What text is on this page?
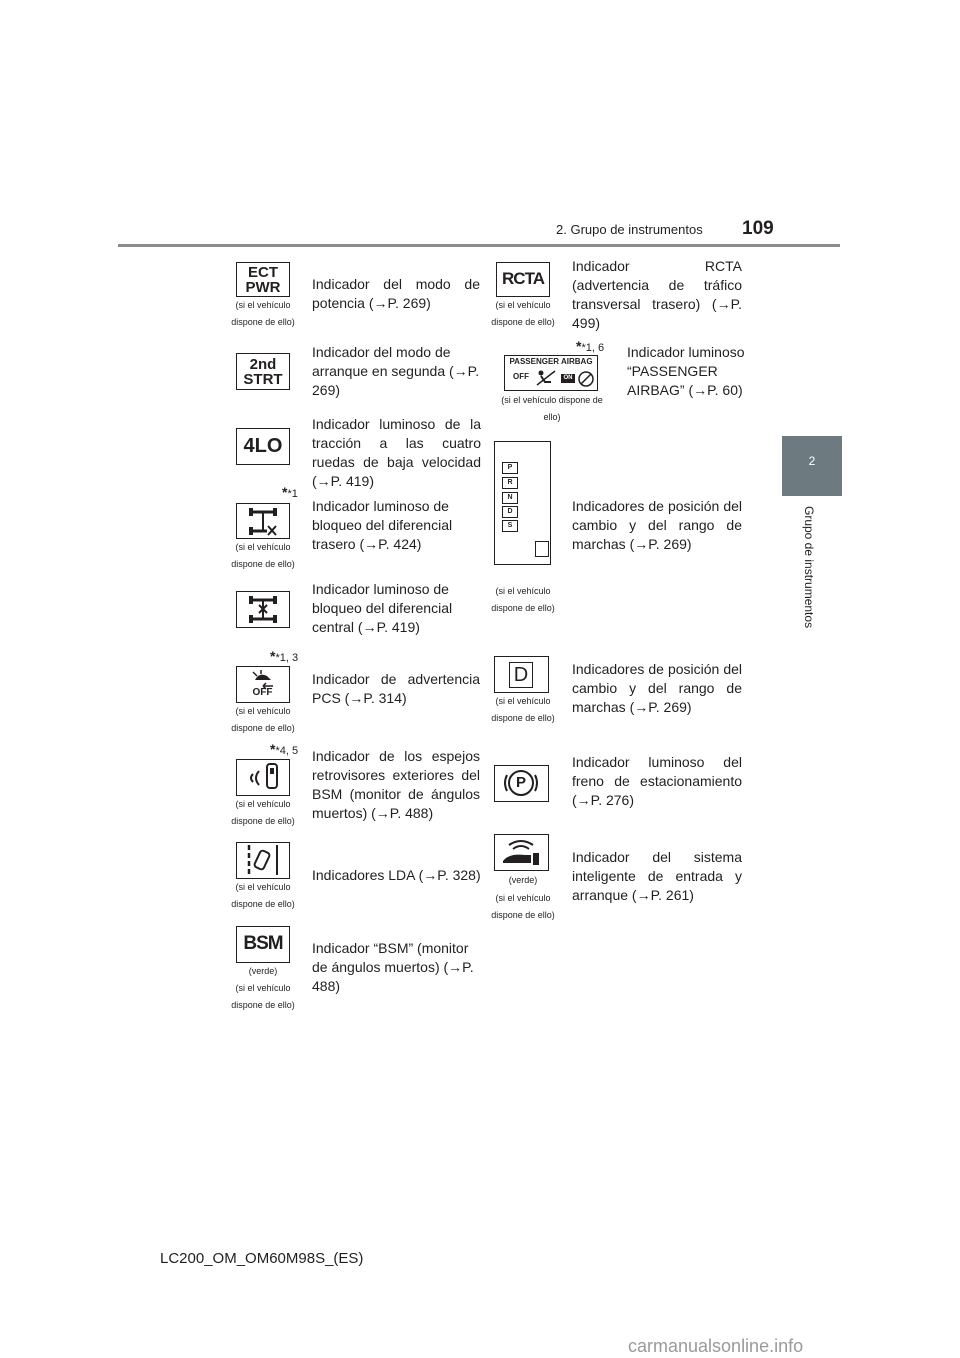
2. Grupo de instrumentos 109
2
Grupo de instrumentos
ECT
PWR
(si el vehículo
dispone de ello)
Indicador del modo de potencia (→P. 269)
RCTA
(si el vehículo
dispone de ello)
Indicador RCTA (advertencia de tráfico transversal trasero) (→P. 499)
2nd
STRT
Indicador del modo de arranque en segunda (→P. 269)
**1, 6
PASSENGER AIRBAG
OFF	ON
(si el vehículo dispone de ello)
Indicador luminoso “PASSENGER AIRBAG” (→P. 60)
4LO
Indicador luminoso de la tracción a las cuatro ruedas de baja velocidad (→P. 419)
P
R
N
D
S
(si el vehículo
dispone de ello)
Indicadores de posición del cambio y del rango de marchas (→P. 269)
**1
(si el vehículo
dispone de ello)
Indicador luminoso de bloqueo del diferencial trasero (→P. 424)
Indicador luminoso de bloqueo del diferencial central (→P. 419)
**1, 3
OFF
(si el vehículo
dispone de ello)
Indicador de advertencia PCS (→P. 314)
D
(si el vehículo
dispone de ello)
Indicadores de posición del cambio y del rango de marchas (→P. 269)
**4, 5
(si el vehículo
dispone de ello)
Indicador de los espejos retrovisores exteriores del BSM (monitor de ángulos muertos) (→P. 488)
P
Indicador luminoso del freno de estacionamiento (→P. 276)
(si el vehículo
dispone de ello)
Indicadores LDA (→P. 328)	(verde)
(si el vehículo
dispone de ello)
Indicador del sistema inteligente de entrada y arranque (→P. 261)
BSM
(verde)
(si el vehículo
dispone de ello)
Indicador “BSM” (monitor de ángulos muertos) (→P. 488)
LC200_OM_OM60M98S_(ES)
carmanualsonline.info
